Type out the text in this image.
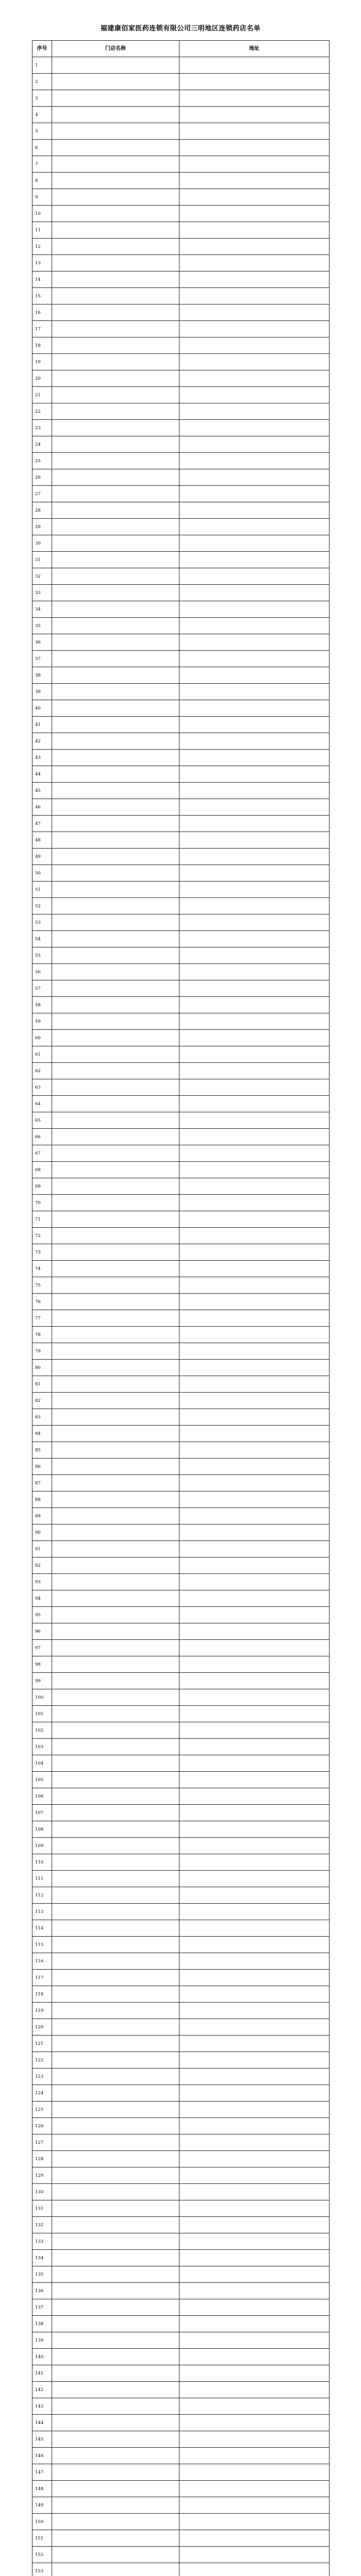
福建康佰家医药连锁有限公司三明地区连锁药店名单
序号	门店名称	地址
1		
2		
3		
4		
5		
6		
7		
8		
9		
10		
11		
12		
13		
14		
15		
16		
17		
18		
19		
20		
21		
22		
23		
24		
25		
26		
27		
28		
29		
30		
31		
32		
33		
34		
35		
36		
37		
38		
39		
40		
41		
42		
43		
44		
45		
46		
47		
48		
49		
50		
51		
52		
53		
54		
55		
56		
57		
58		
59		
60		
61		
62		
63		
64		
65		
66		
67		
68		
69		
70		
71		
72		
73		
74		
75		
76		
77		
78		
79		
80		
81		
82		
83		
84		
85		
86		
87		
88		
89		
90		
91		
92		
93		
94		
95		
96		
97		
98		
99		
100		
101		
102		
103		
104		
105		
106		
107		
108		
109		
110		
111		
112		
113		
114		
115		
116		
117		
118		
119		
120		
121		
122		
123		
124		
125		
126		
127		
128		
129		
130		
131		
132		
133		
134		
135		
136		
137		
138		
139		
140		
141		
142		
143		
144		
145		
146		
147		
148		
149		
150		
151		
152		
153		
